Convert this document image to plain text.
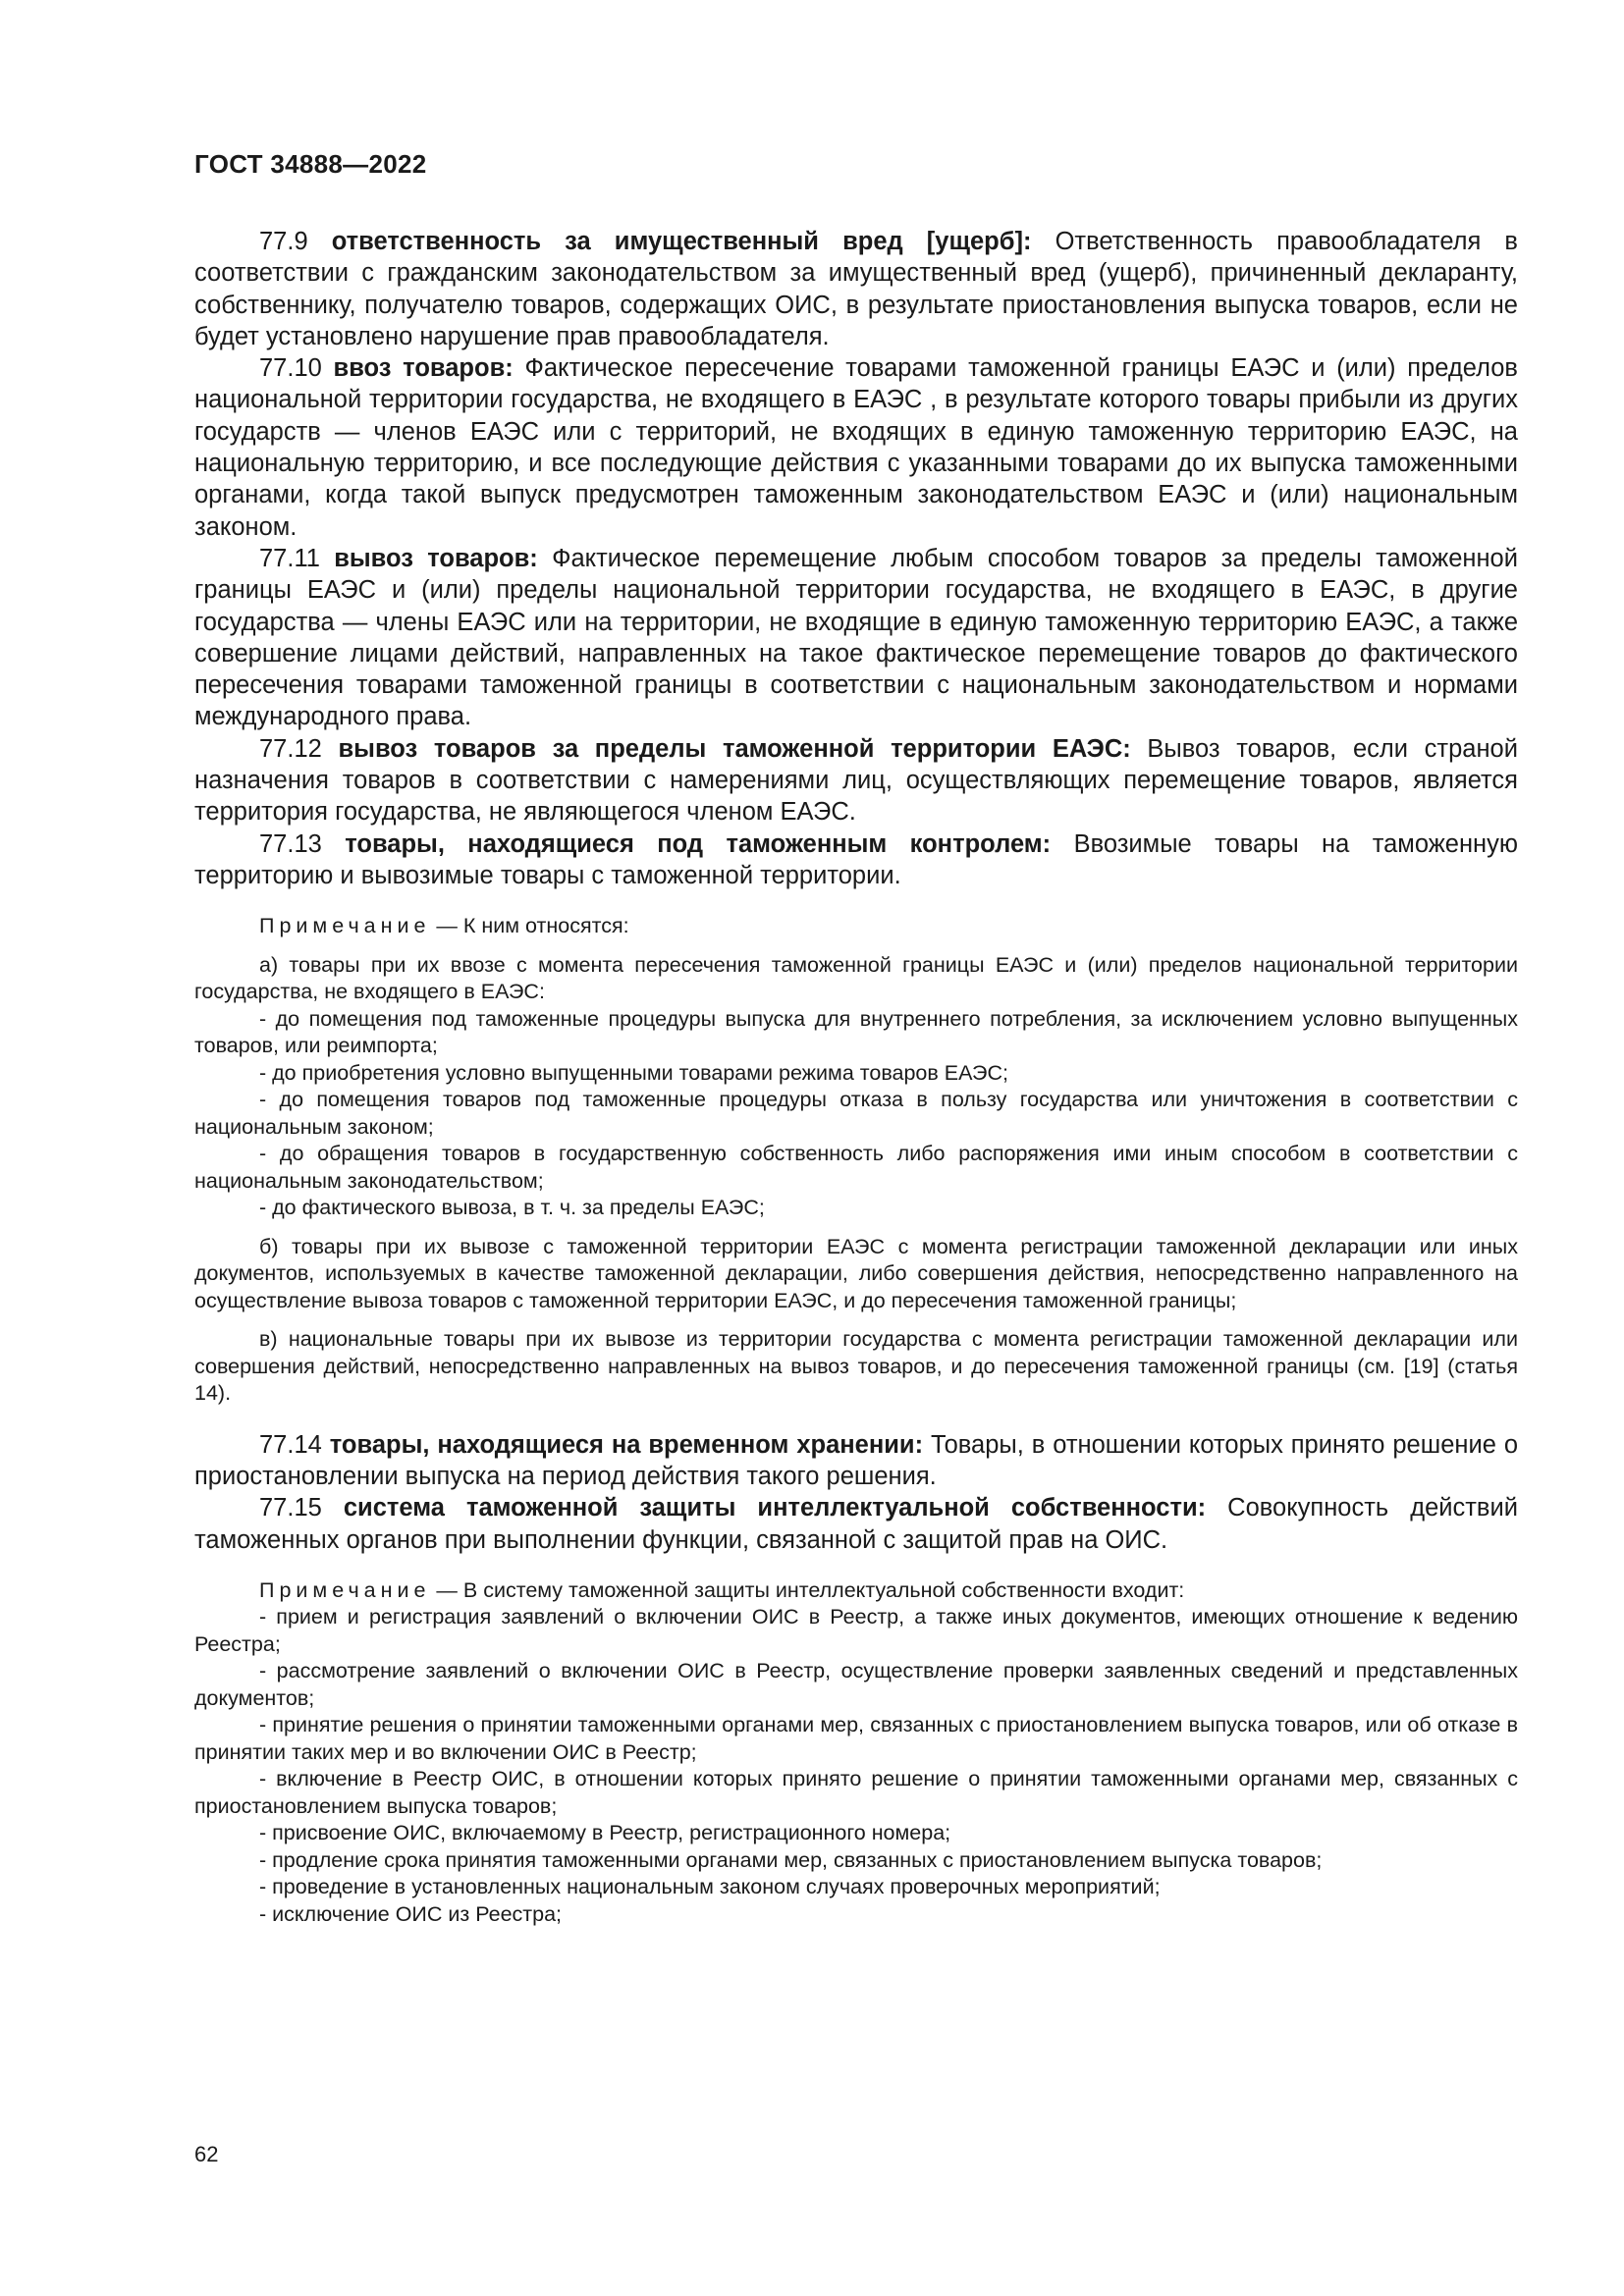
ГОСТ 34888—2022

77.9 ответственность за имущественный вред [ущерб]: Ответственность правообладателя в соответствии с гражданским законодательством за имущественный вред (ущерб), причиненный декларанту, собственнику, получателю товаров, содержащих ОИС, в результате приостановления выпуска товаров, если не будет установлено нарушение прав правообладателя.

77.10 ввоз товаров: Фактическое пересечение товарами таможенной границы ЕАЭС и (или) пределов национальной территории государства, не входящего в ЕАЭС , в результате которого товары прибыли из других государств — членов ЕАЭС или с территорий, не входящих в единую таможенную территорию ЕАЭС, на национальную территорию, и все последующие действия с указанными товарами до их выпуска таможенными органами, когда такой выпуск предусмотрен таможенным законодательством ЕАЭС и (или) национальным законом.

77.11 вывоз товаров: Фактическое перемещение любым способом товаров за пределы таможенной границы ЕАЭС и (или) пределы национальной территории государства, не входящего в ЕАЭС, в другие государства — члены ЕАЭС или на территории, не входящие в единую таможенную территорию ЕАЭС, а также совершение лицами действий, направленных на такое фактическое перемещение товаров до фактического пересечения товарами таможенной границы в соответствии с национальным законодательством и нормами международного права.

77.12 вывоз товаров за пределы таможенной территории ЕАЭС: Вывоз товаров, если страной назначения товаров в соответствии с намерениями лиц, осуществляющих перемещение товаров, является территория государства, не являющегося членом ЕАЭС.

77.13 товары, находящиеся под таможенным контролем: Ввозимые товары на таможенную территорию и вывозимые товары с таможенной территории.

Примечание — К ним относятся:

а) товары при их ввозе с момента пересечения таможенной границы ЕАЭС и (или) пределов национальной территории государства, не входящего в ЕАЭС:

- до помещения под таможенные процедуры выпуска для внутреннего потребления, за исключением условно выпущенных товаров, или реимпорта;

- до приобретения условно выпущенными товарами режима товаров ЕАЭС;

- до помещения товаров под таможенные процедуры отказа в пользу государства или уничтожения в соответствии с национальным законом;

- до обращения товаров в государственную собственность либо распоряжения ими иным способом в соответствии с национальным законодательством;

- до фактического вывоза, в т. ч. за пределы ЕАЭС;

б) товары при их вывозе с таможенной территории ЕАЭС с момента регистрации таможенной декларации или иных документов, используемых в качестве таможенной декларации, либо совершения действия, непосредственно направленного на осуществление вывоза товаров с таможенной территории ЕАЭС, и до пересечения таможенной границы;

в) национальные товары при их вывозе из территории государства с момента регистрации таможенной декларации или совершения действий, непосредственно направленных на вывоз товаров, и до пересечения таможенной границы (см. [19] (статья 14).

77.14 товары, находящиеся на временном хранении: Товары, в отношении которых принято решение о приостановлении выпуска на период действия такого решения.

77.15 система таможенной защиты интеллектуальной собственности: Совокупность действий таможенных органов при выполнении функции, связанной с защитой прав на ОИС.

Примечание — В систему таможенной защиты интеллектуальной собственности входит:

- прием и регистрация заявлений о включении ОИС в Реестр, а также иных документов, имеющих отношение к ведению Реестра;

- рассмотрение заявлений о включении ОИС в Реестр, осуществление проверки заявленных сведений и представленных документов;

- принятие решения о принятии таможенными органами мер, связанных с приостановлением выпуска товаров, или об отказе в принятии таких мер и во включении ОИС в Реестр;

- включение в Реестр ОИС, в отношении которых принято решение о принятии таможенными органами мер, связанных с приостановлением выпуска товаров;

- присвоение ОИС, включаемому в Реестр, регистрационного номера;

- продление срока принятия таможенными органами мер, связанных с приостановлением выпуска товаров;

- проведение в установленных национальным законом случаях проверочных мероприятий;

- исключение ОИС из Реестра;

62
